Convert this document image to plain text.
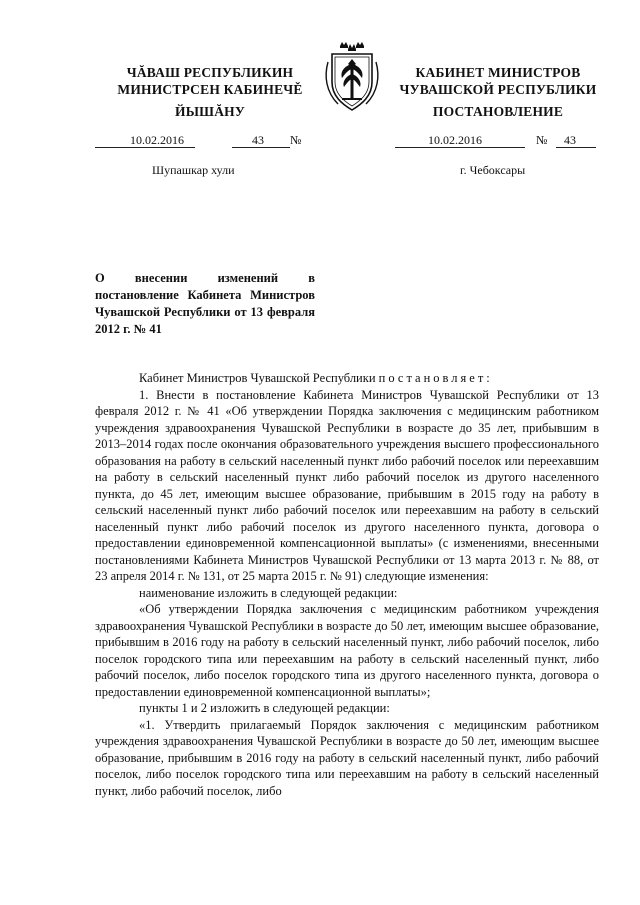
ЧĂВАШ РЕСПУБЛИКИН
МИНИСТРСЕН КАБИНЕЧĚ
ЙЫШĂНУ
КАБИНЕТ МИНИСТРОВ
ЧУВАШСКОЙ РЕСПУБЛИКИ
ПОСТАНОВЛЕНИЕ
10.02.2016	43 №	10.02.2016	№ 43
Шупашкар хули	г. Чебоксары
О внесении изменений в постановление Кабинета Министров Чувашской Республики от 13 февраля 2012 г. № 41

Кабинет Министров Чувашской Республики постановляет:

1. Внести в постановление Кабинета Министров Чувашской Республики от 13 февраля 2012 г. № 41 «Об утверждении Порядка заключения с медицинским работником учреждения здравоохранения Чувашской Республики в возрасте до 35 лет, прибывшим в 2013–2014 годах после окончания образовательного учреждения высшего профессионального образования на работу в сельский населенный пункт либо рабочий поселок или переехавшим на работу в сельский населенный пункт либо рабочий поселок из другого населенного пункта, до 45 лет, имеющим высшее образование, прибывшим в 2015 году на работу в сельский населенный пункт либо рабочий поселок или переехавшим на работу в сельский населенный пункт либо рабочий поселок из другого населенного пункта, договора о предоставлении единовременной компенсационной выплаты» (с изменениями, внесенными постановлениями Кабинета Министров Чувашской Республики от 13 марта 2013 г. № 88, от 23 апреля 2014 г. № 131, от 25 марта 2015 г. № 91) следующие изменения:

наименование изложить в следующей редакции:

«Об утверждении Порядка заключения с медицинским работником учреждения здравоохранения Чувашской Республики в возрасте до 50 лет, имеющим высшее образование, прибывшим в 2016 году на работу в сельский населенный пункт, либо рабочий поселок, либо поселок городского типа или переехавшим на работу в сельский населенный пункт, либо рабочий поселок, либо поселок городского типа из другого населенного пункта, договора о предоставлении единовременной компенсационной выплаты»;

пункты 1 и 2 изложить в следующей редакции:

«1. Утвердить прилагаемый Порядок заключения с медицинским работником учреждения здравоохранения Чувашской Республики в возрасте до 50 лет, имеющим высшее образование, прибывшим в 2016 году на работу в сельский населенный пункт, либо рабочий поселок, либо поселок городского типа или переехавшим на работу в сельский населенный пункт, либо рабочий поселок, либо
